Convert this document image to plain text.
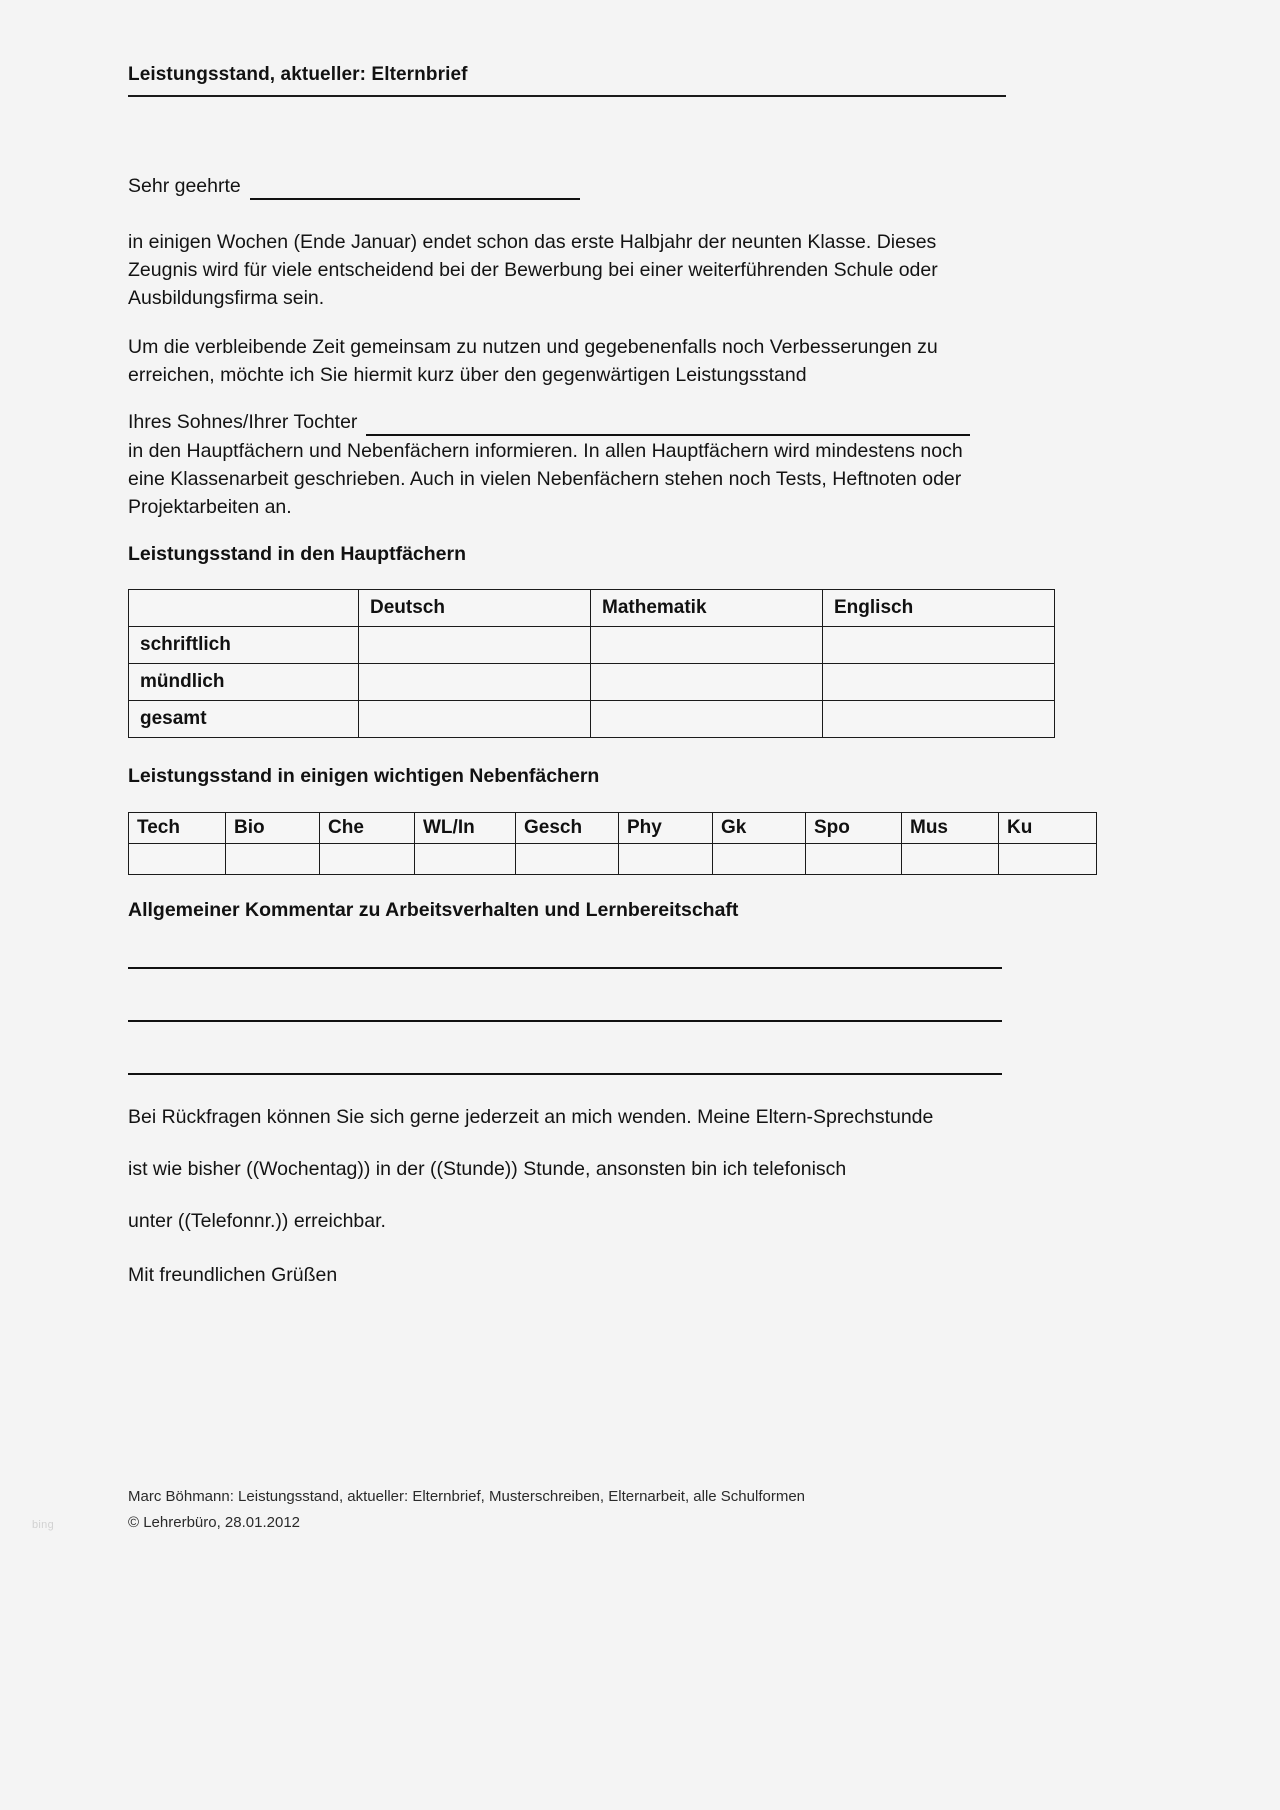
Leistungsstand, aktueller: Elternbrief
Sehr geehrte
in einigen Wochen (Ende Januar) endet schon das erste Halbjahr der neunten Klasse. Dieses Zeugnis wird für viele entscheidend bei der Bewerbung bei einer weiterführenden Schule oder Ausbildungsfirma sein.
Um die verbleibende Zeit gemeinsam zu nutzen und gegebenenfalls noch Verbesserungen zu erreichen, möchte ich Sie hiermit kurz über den gegenwärtigen Leistungsstand
Ihres Sohnes/Ihrer Tochter
in den Hauptfächern und Nebenfächern informieren. In allen Hauptfächern wird mindestens noch eine Klassenarbeit geschrieben. Auch in vielen Nebenfächern stehen noch Tests, Heftnoten oder Projektarbeiten an.
Leistungsstand in den Hauptfächern
	Deutsch	Mathematik	Englisch
schriftlich			
mündlich			
gesamt			
Leistungsstand in einigen wichtigen Nebenfächern
Tech	Bio	Che	WL/In	Gesch	Phy	Gk	Spo	Mus	Ku

Allgemeiner Kommentar zu Arbeitsverhalten und Lernbereitschaft
Bei Rückfragen können Sie sich gerne jederzeit an mich wenden. Meine Eltern-Sprechstunde
ist wie bisher ((Wochentag)) in der ((Stunde)) Stunde, ansonsten bin ich telefonisch
unter ((Telefonnr.)) erreichbar.
Mit freundlichen Grüßen
Marc Böhmann: Leistungsstand, aktueller: Elternbrief, Musterschreiben, Elternarbeit, alle Schulformen
© Lehrerbüro, 28.01.2012
bing
